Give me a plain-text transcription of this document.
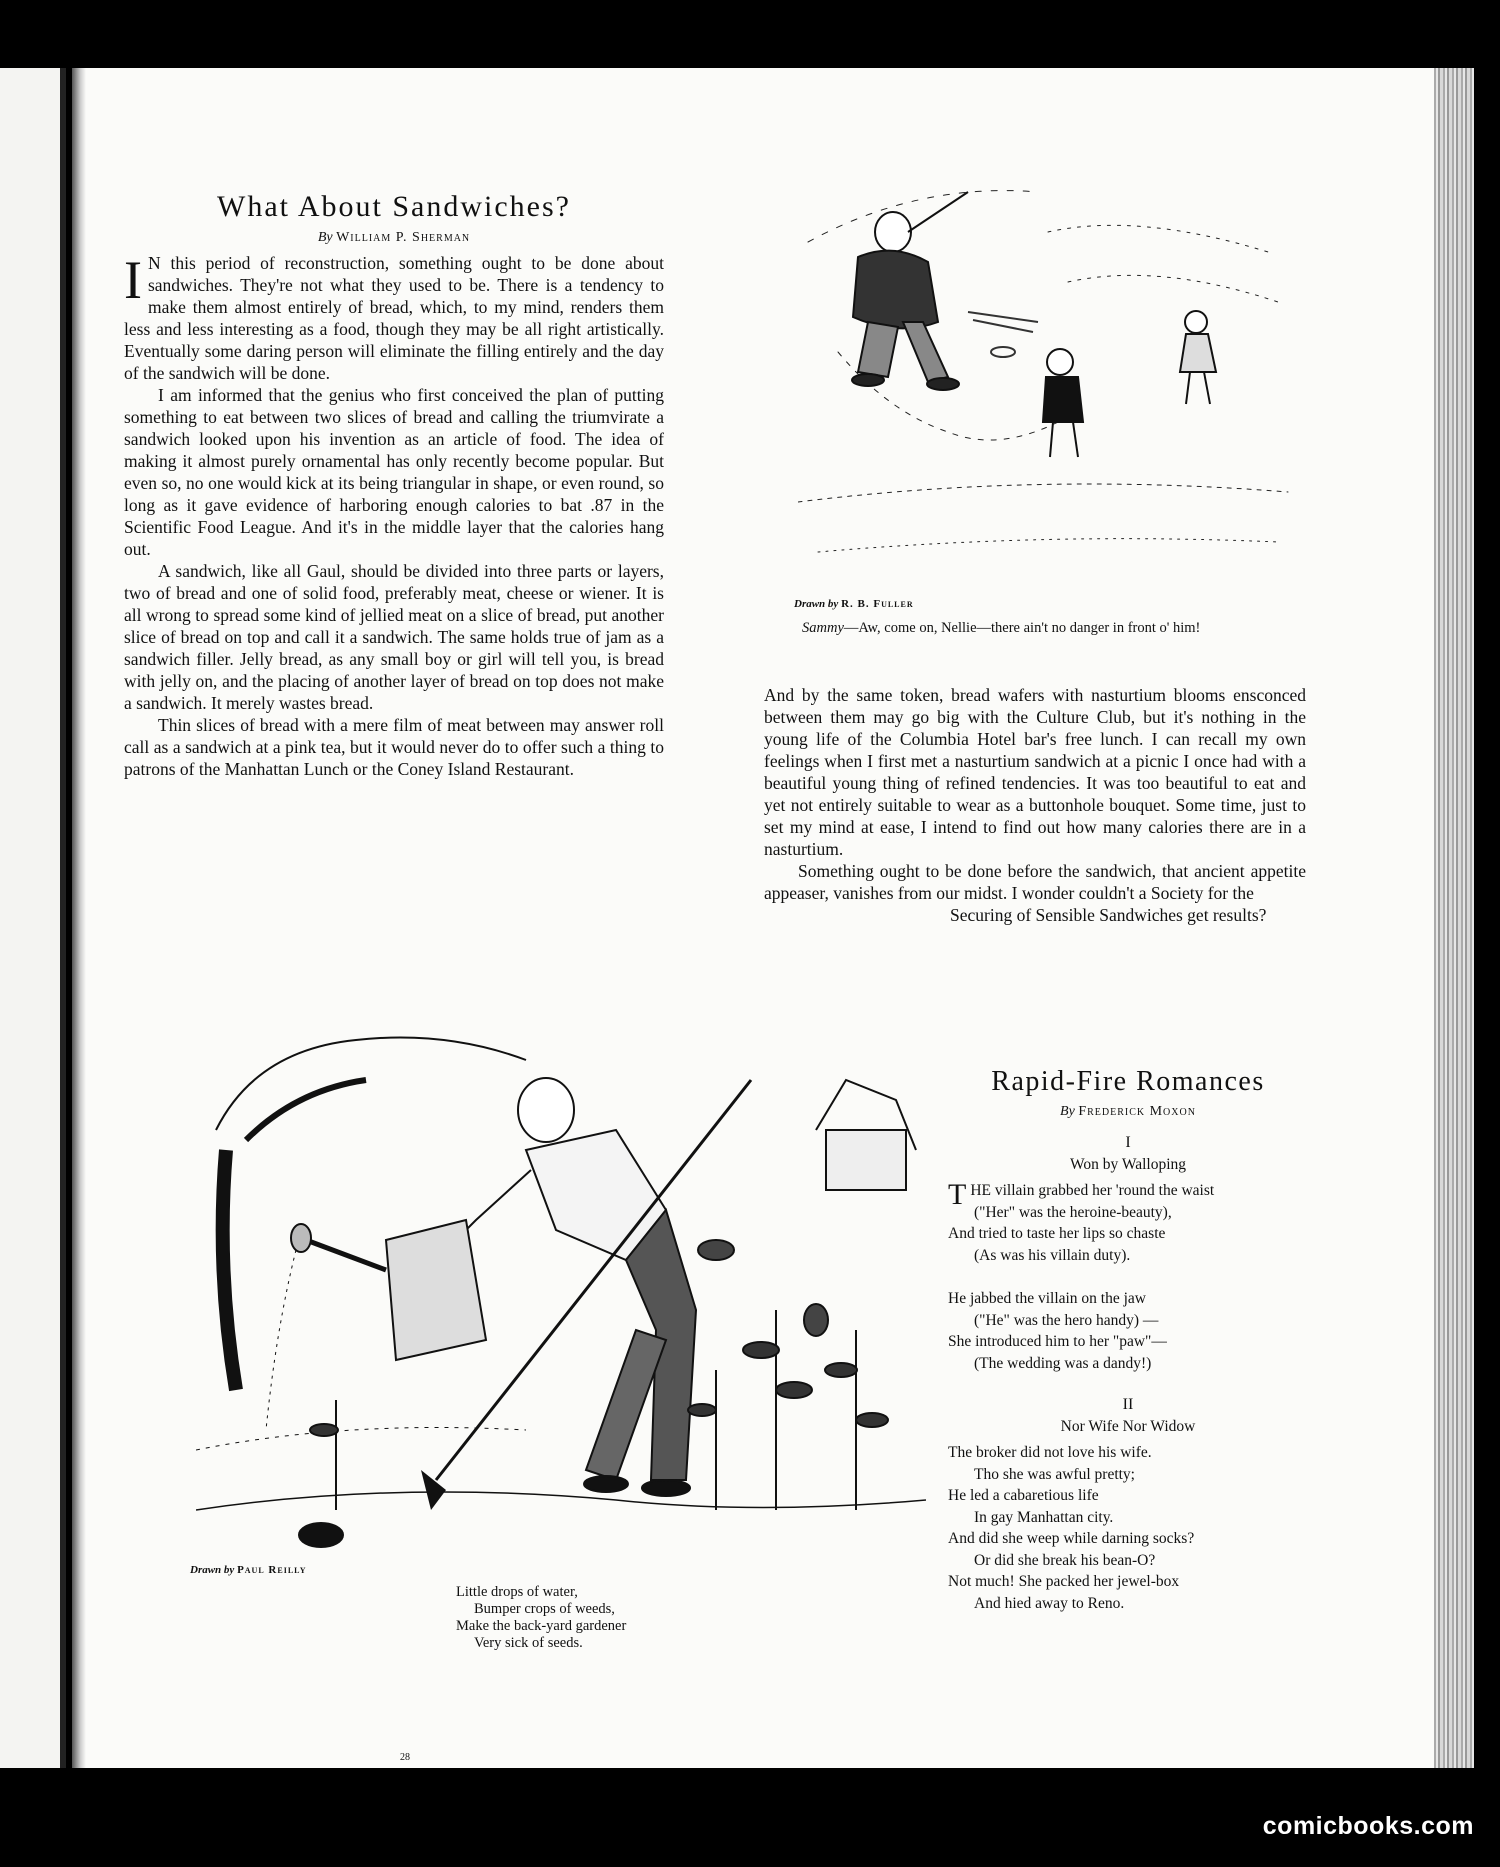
What About Sandwiches?
By William P. Sherman

I N this period of reconstruction, something ought to be done about sandwiches. They're not what they used to be. There is a tendency to make them almost entirely of bread, which, to my mind, renders them less and less interesting as a food, though they may be all right artistically. Eventually some daring person will eliminate the filling entirely and the day of the sandwich will be done.

I am informed that the genius who first conceived the plan of putting something to eat between two slices of bread and calling the triumvirate a sandwich looked upon his invention as an article of food. The idea of making it almost purely ornamental has only recently become popular. But even so, no one would kick at its being triangular in shape, or even round, so long as it gave evidence of harboring enough calories to bat .87 in the Scientific Food League. And it's in the middle layer that the calories hang out.

A sandwich, like all Gaul, should be divided into three parts or layers, two of bread and one of solid food, preferably meat, cheese or wiener. It is all wrong to spread some kind of jellied meat on a slice of bread, put another slice of bread on top and call it a sandwich. The same holds true of jam as a sandwich filler. Jelly bread, as any small boy or girl will tell you, is bread with jelly on, and the placing of another layer of bread on top does not make a sandwich. It merely wastes bread.

Thin slices of bread with a mere film of meat between may answer roll call as a sandwich at a pink tea, but it would never do to offer such a thing to patrons of the Manhattan Lunch or the Coney Island Restaurant.

Drawn by R. B. Fuller
Sammy—Aw, come on, Nellie—there ain't no danger in front o' him!

And by the same token, bread wafers with nasturtium blooms ensconced between them may go big with the Culture Club, but it's nothing in the young life of the Columbia Hotel bar's free lunch. I can recall my own feelings when I first met a nasturtium sandwich at a picnic I once had with a beautiful young thing of refined tendencies. It was too beautiful to eat and yet not entirely suitable to wear as a buttonhole bouquet. Some time, just to set my mind at ease, I intend to find out how many calories there are in a nasturtium.

Something ought to be done before the sandwich, that ancient appetite appeaser, vanishes from our midst. I wonder couldn't a Society for the

Securing of Sensible Sandwiches get results?

Drawn by Paul Reilly
Little drops of water,
Bumper crops of weeds,
Make the back-yard gardener
Very sick of seeds.
Rapid-Fire Romances
By Frederick Moxon
I
Won by Walloping
THE villain grabbed her 'round the waist
("Her" was the heroine-beauty),
And tried to taste her lips so chaste
(As was his villain duty).
He jabbed the villain on the jaw
("He" was the hero handy) —
She introduced him to her "paw"—
(The wedding was a dandy!)
II
Nor Wife Nor Widow
The broker did not love his wife.
Tho she was awful pretty;
He led a cabaretious life
In gay Manhattan city.
And did she weep while darning socks?
Or did she break his bean-O?
Not much! She packed her jewel-box
And hied away to Reno.
28
comicbooks.com
